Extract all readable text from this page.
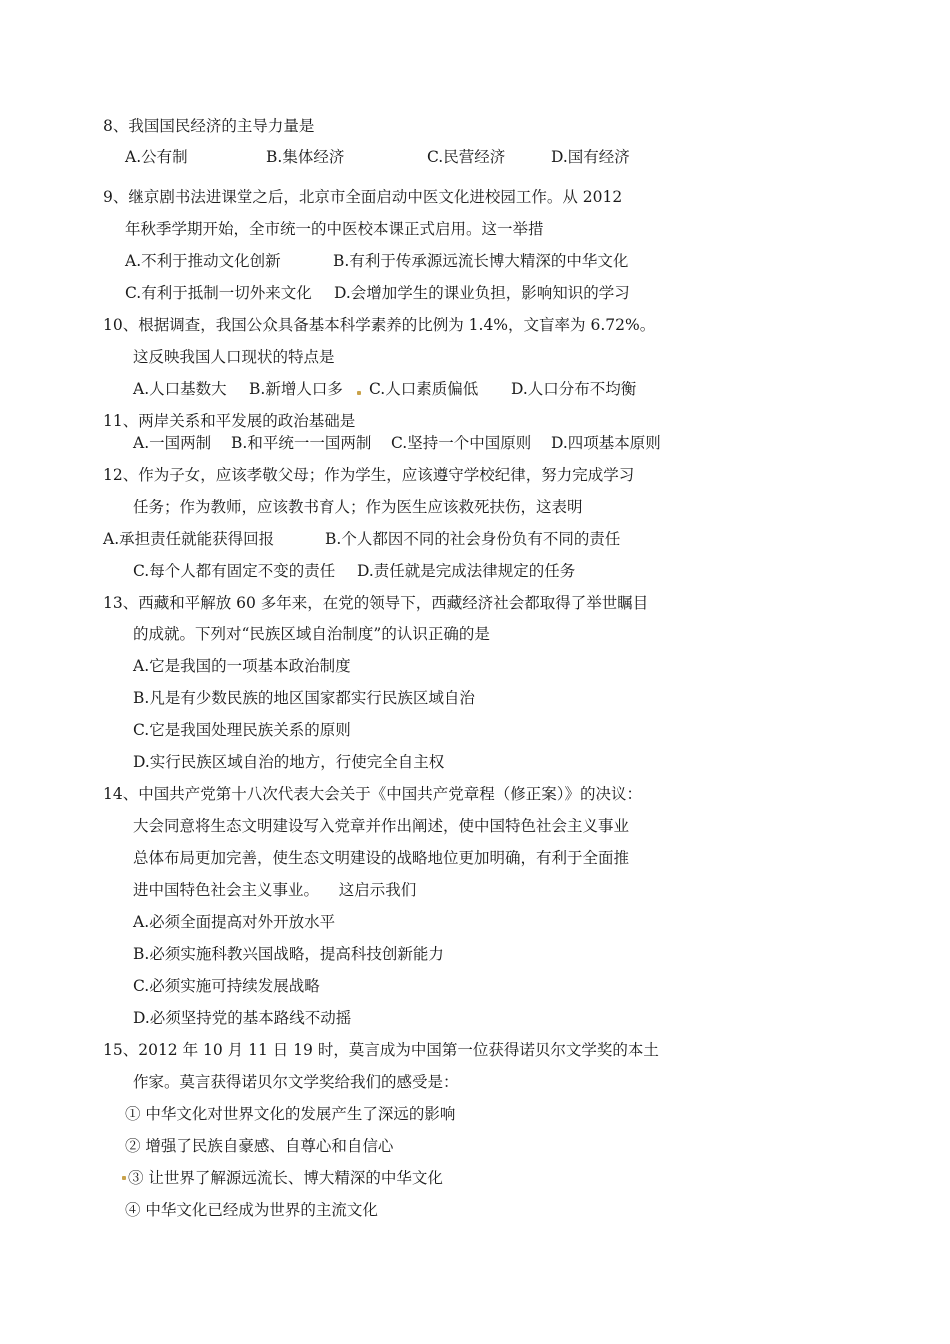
8、我国国民经济的主导力量是
A.公有制	B.集体经济	C.民营经济	D.国有经济
9、继京剧书法进课堂之后，北京市全面启动中医文化进校园工作。从 2012
年秋季学期开始，全市统一的中医校本课正式启用。这一举措
A.不利于推动文化创新	B.有利于传承源远流长博大精深的中华文化
C.有利于抵制一切外来文化 D.会增加学生的课业负担，影响知识的学习
10、根据调查，我国公众具备基本科学素养的比例为 1.4%，文盲率为 6.72%。
这反映我国人口现状的特点是
A.人口基数大 B.新增人口多 C.人口素质偏低 D.人口分布不均衡
11、两岸关系和平发展的政治基础是
A.一国两制 B.和平统一一国两制 C.坚持一个中国原则 D.四项基本原则
12、作为子女，应该孝敬父母；作为学生，应该遵守学校纪律，努力完成学习
任务；作为教师，应该教书育人；作为医生应该救死扶伤，这表明
A.承担责任就能获得回报	B.个人都因不同的社会身份负有不同的责任
C.每个人都有固定不变的责任 D.责任就是完成法律规定的任务
13、西藏和平解放 60 多年来，在党的领导下，西藏经济社会都取得了举世瞩目
的成就。下列对“民族区域自治制度”的认识正确的是
A.它是我国的一项基本政治制度
B.凡是有少数民族的地区国家都实行民族区域自治
C.它是我国处理民族关系的原则
D.实行民族区域自治的地方，行使完全自主权
14、中国共产党第十八次代表大会关于《中国共产党章程（修正案）》的决议：
大会同意将生态文明建设写入党章并作出阐述，使中国特色社会主义事业
总体布局更加完善，使生态文明建设的战略地位更加明确，有利于全面推
进中国特色社会主义事业。    这启示我们
A.必须全面提高对外开放水平
B.必须实施科教兴国战略，提高科技创新能力
C.必须实施可持续发展战略
D.必须坚持党的基本路线不动摇
15、2012 年 10 月 11 日 19 时，莫言成为中国第一位获得诺贝尔文学奖的本土
作家。莫言获得诺贝尔文学奖给我们的感受是：
① 中华文化对世界文化的发展产生了深远的影响
② 增强了民族自豪感、自尊心和自信心
③ 让世界了解源远流长、博大精深的中华文化
④ 中华文化已经成为世界的主流文化
